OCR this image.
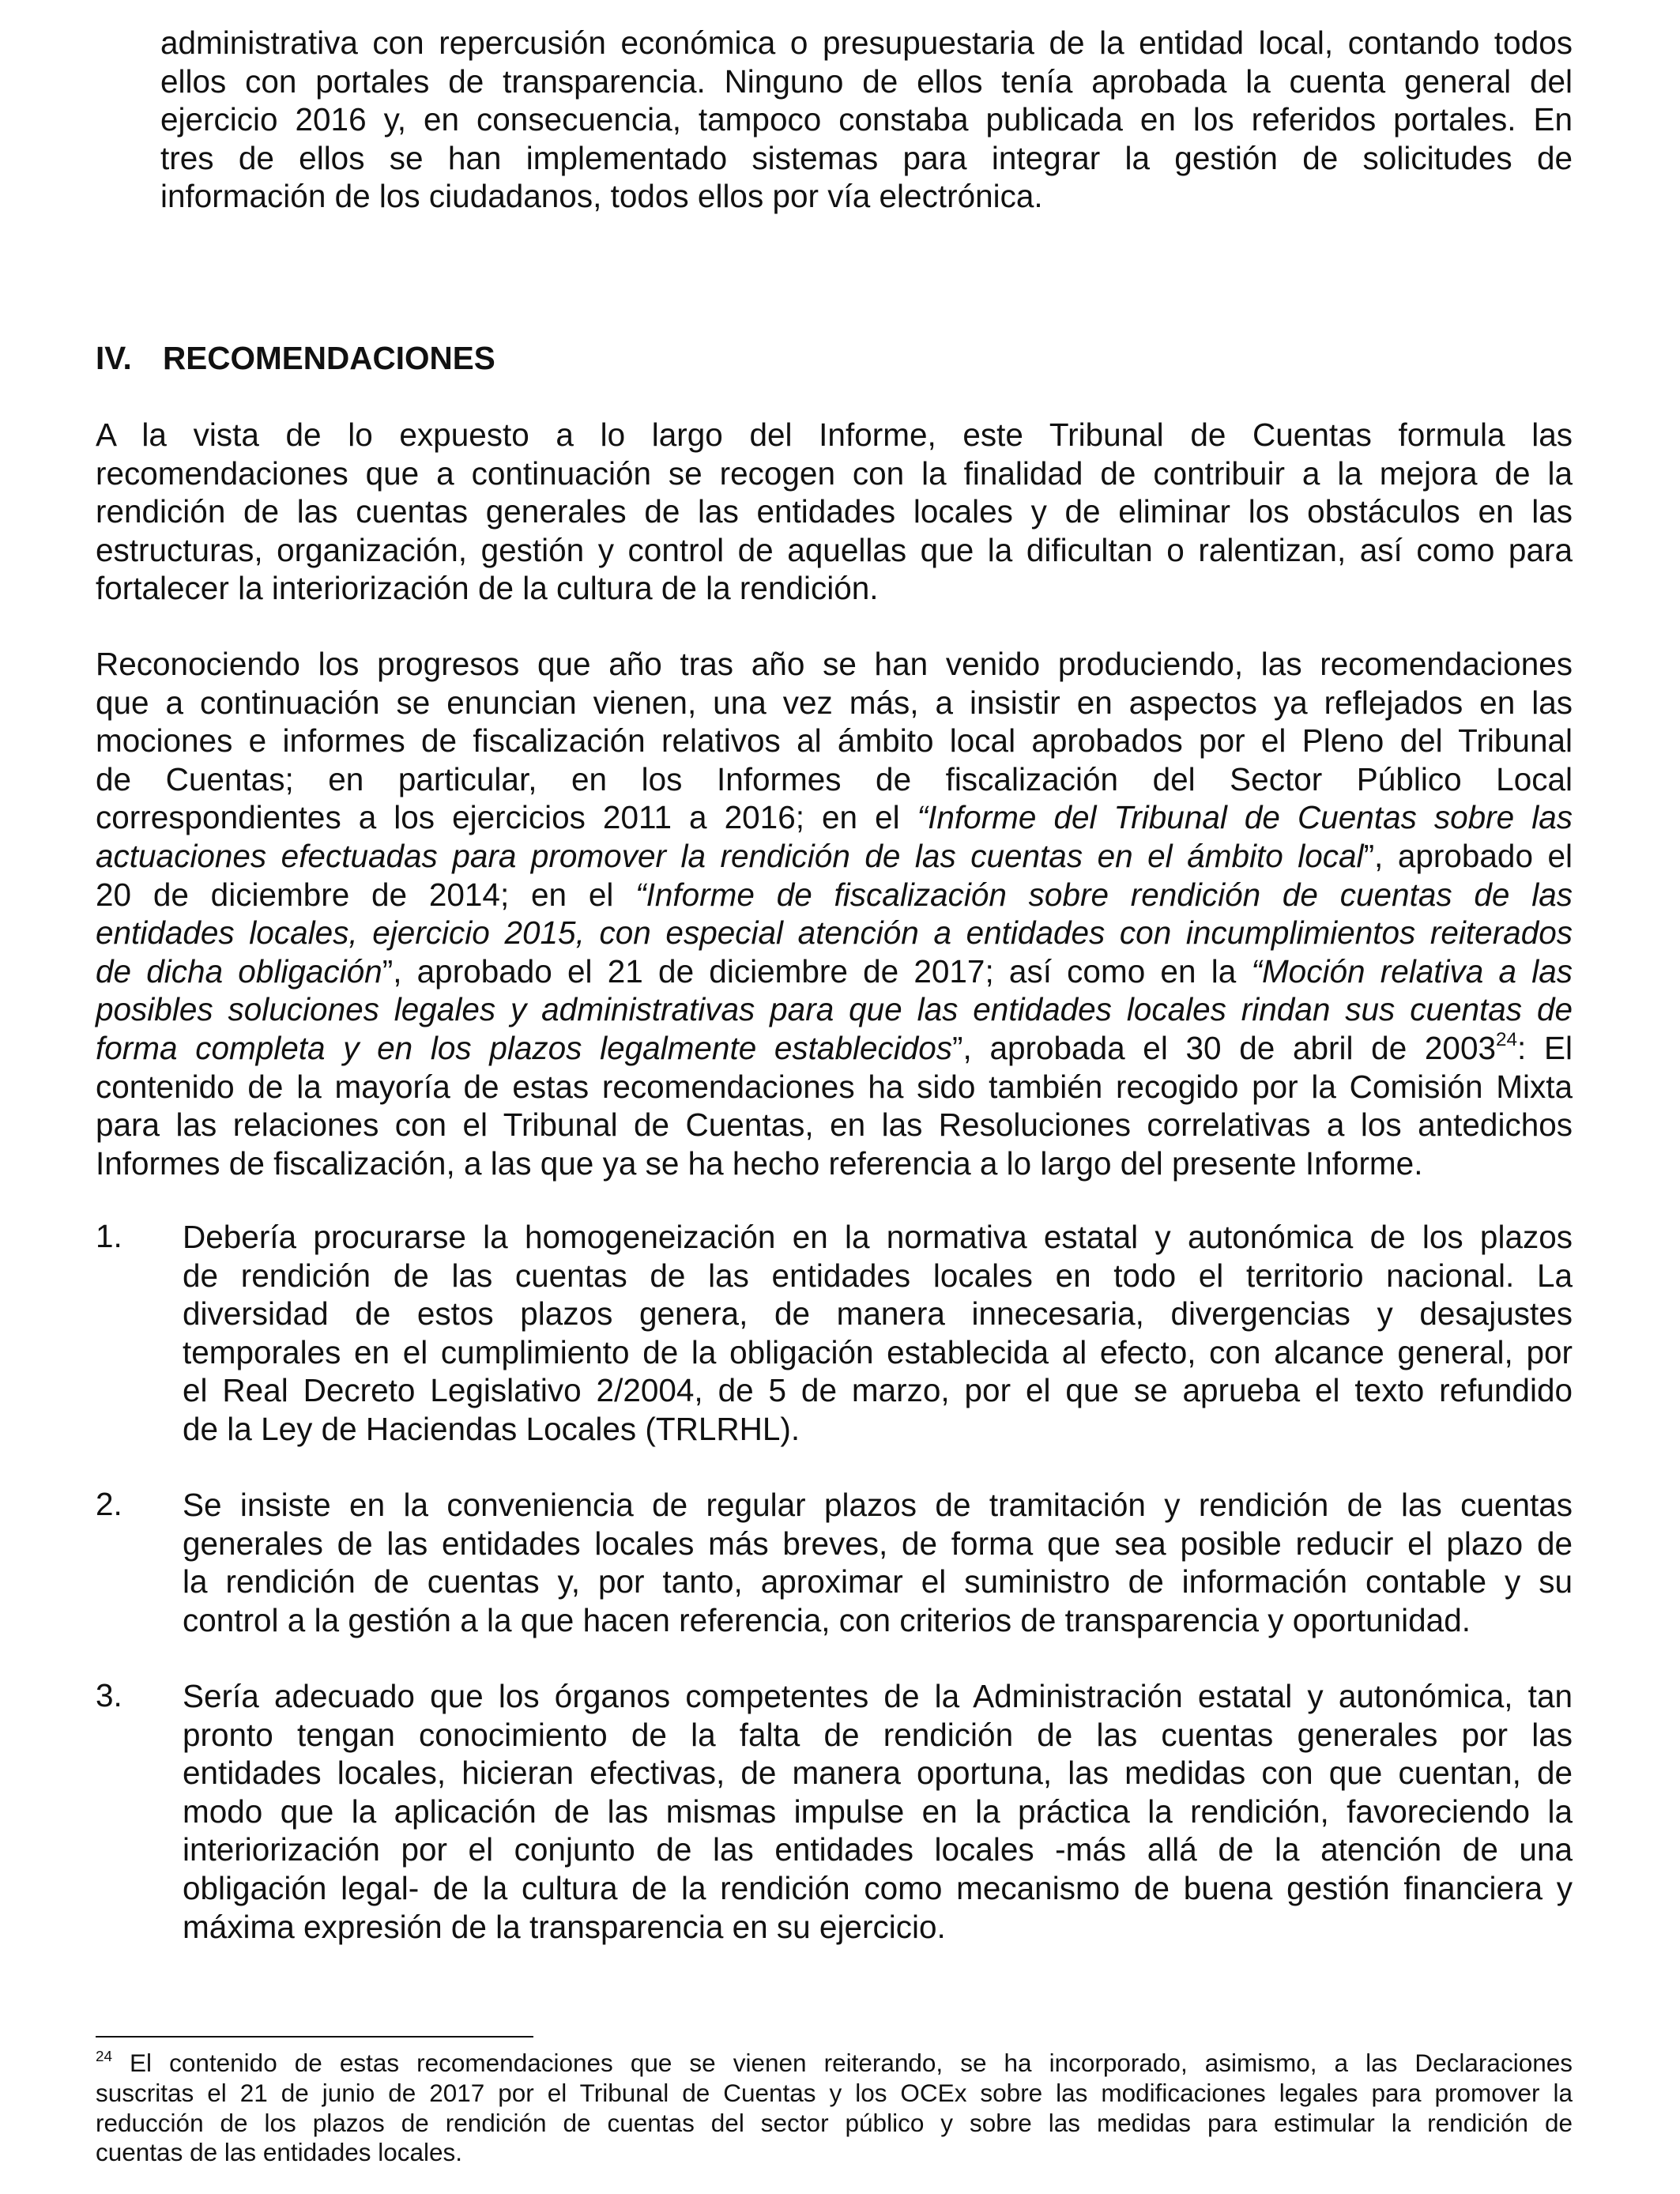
administrativa con repercusión económica o presupuestaria de la entidad local, contando todos
ellos con portales de transparencia. Ninguno de ellos tenía aprobada la cuenta general del
ejercicio 2016 y, en consecuencia, tampoco constaba publicada en los referidos portales. En
tres de ellos se han implementado sistemas para integrar la gestión de solicitudes de
información de los ciudadanos, todos ellos por vía electrónica.
IV. RECOMENDACIONES
A la vista de lo expuesto a lo largo del Informe, este Tribunal de Cuentas formula las
recomendaciones que a continuación se recogen con la finalidad de contribuir a la mejora de la
rendición de las cuentas generales de las entidades locales y de eliminar los obstáculos en las
estructuras, organización, gestión y control de aquellas que la dificultan o ralentizan, así como para
fortalecer la interiorización de la cultura de la rendición.
Reconociendo los progresos que año tras año se han venido produciendo, las recomendaciones
que a continuación se enuncian vienen, una vez más, a insistir en aspectos ya reflejados en las
mociones e informes de fiscalización relativos al ámbito local aprobados por el Pleno del Tribunal
de Cuentas; en particular, en los Informes de fiscalización del Sector Público Local
correspondientes a los ejercicios 2011 a 2016; en el “Informe del Tribunal de Cuentas sobre las
actuaciones efectuadas para promover la rendición de las cuentas en el ámbito local”, aprobado el
20 de diciembre de 2014; en el “Informe de fiscalización sobre rendición de cuentas de las
entidades locales, ejercicio 2015, con especial atención a entidades con incumplimientos reiterados
de dicha obligación”, aprobado el 21 de diciembre de 2017; así como en la “Moción relativa a las
posibles soluciones legales y administrativas para que las entidades locales rindan sus cuentas de
forma completa y en los plazos legalmente establecidos”, aprobada el 30 de abril de 2003$^{24}$: El
contenido de la mayoría de estas recomendaciones ha sido también recogido por la Comisión Mixta
para las relaciones con el Tribunal de Cuentas, en las Resoluciones correlativas a los antedichos
Informes de fiscalización, a las que ya se ha hecho referencia a lo largo del presente Informe.
1. Debería procurarse la homogeneización en la normativa estatal y autonómica de los plazos
de rendición de las cuentas de las entidades locales en todo el territorio nacional. La
diversidad de estos plazos genera, de manera innecesaria, divergencias y desajustes
temporales en el cumplimiento de la obligación establecida al efecto, con alcance general, por
el Real Decreto Legislativo 2/2004, de 5 de marzo, por el que se aprueba el texto refundido
de la Ley de Haciendas Locales (TRLRHL).
2. Se insiste en la conveniencia de regular plazos de tramitación y rendición de las cuentas
generales de las entidades locales más breves, de forma que sea posible reducir el plazo de
la rendición de cuentas y, por tanto, aproximar el suministro de información contable y su
control a la gestión a la que hacen referencia, con criterios de transparencia y oportunidad.
3. Sería adecuado que los órganos competentes de la Administración estatal y autonómica, tan
pronto tengan conocimiento de la falta de rendición de las cuentas generales por las
entidades locales, hicieran efectivas, de manera oportuna, las medidas con que cuentan, de
modo que la aplicación de las mismas impulse en la práctica la rendición, favoreciendo la
interiorización por el conjunto de las entidades locales -más allá de la atención de una
obligación legal- de la cultura de la rendición como mecanismo de buena gestión financiera y
máxima expresión de la transparencia en su ejercicio.
$^{24}$ El contenido de estas recomendaciones que se vienen reiterando, se ha incorporado, asimismo, a las Declaraciones
suscritas el 21 de junio de 2017 por el Tribunal de Cuentas y los OCEx sobre las modificaciones legales para promover la
reducción de los plazos de rendición de cuentas del sector público y sobre las medidas para estimular la rendición de
cuentas de las entidades locales.
